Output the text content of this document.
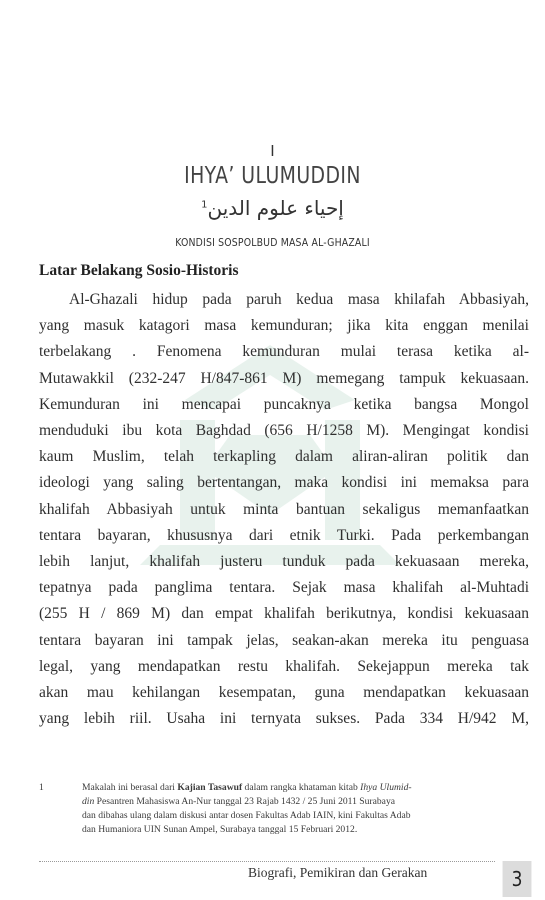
I
IHYA’ ULUMUDDIN
إحياء علوم الدين$^1$
KONDISI SOSPOLBUD MASA AL-GHAZALI
Latar Belakang Sosio-Historis
Al-Ghazali hidup pada paruh kedua masa khilafah Abbasiyah,
yang masuk katagori masa kemunduran; jika kita enggan menilai
terbelakang . Fenomena kemunduran mulai terasa ketika al-
Mutawakkil (232-247 H/847-861 M) memegang tampuk kekuasaan.
Kemunduran ini mencapai puncaknya ketika bangsa Mongol
menduduki ibu kota Baghdad (656 H/1258 M). Mengingat kondisi
kaum Muslim, telah terkapling dalam aliran-aliran politik dan
ideologi yang saling bertentangan, maka kondisi ini memaksa para
khalifah Abbasiyah untuk minta bantuan sekaligus memanfaatkan
tentara bayaran, khususnya dari etnik Turki. Pada perkembangan
lebih lanjut, khalifah justeru tunduk pada kekuasaan mereka,
tepatnya pada panglima tentara. Sejak masa khalifah al-Muhtadi
(255 H / 869 M) dan empat khalifah berikutnya, kondisi kekuasaan
tentara bayaran ini tampak jelas, seakan-akan mereka itu penguasa
legal, yang mendapatkan restu khalifah. Sekejappun mereka tak
akan mau kehilangan kesempatan, guna mendapatkan kekuasaan
yang lebih riil. Usaha ini ternyata sukses. Pada 334 H/942 M,
1	Makalah ini berasal dari Kajian Tasawuf dalam rangka khataman kitab Ihya Ulumid-
din Pesantren Mahasiswa An-Nur tanggal 23 Rajab 1432 / 25 Juni 2011 Surabaya
dan dibahas ulang dalam diskusi antar dosen Fakultas Adab IAIN, kini Fakultas Adab
dan Humaniora UIN Sunan Ampel, Surabaya tanggal 15 Februari 2012.
Biografi, Pemikiran dan Gerakan	3
